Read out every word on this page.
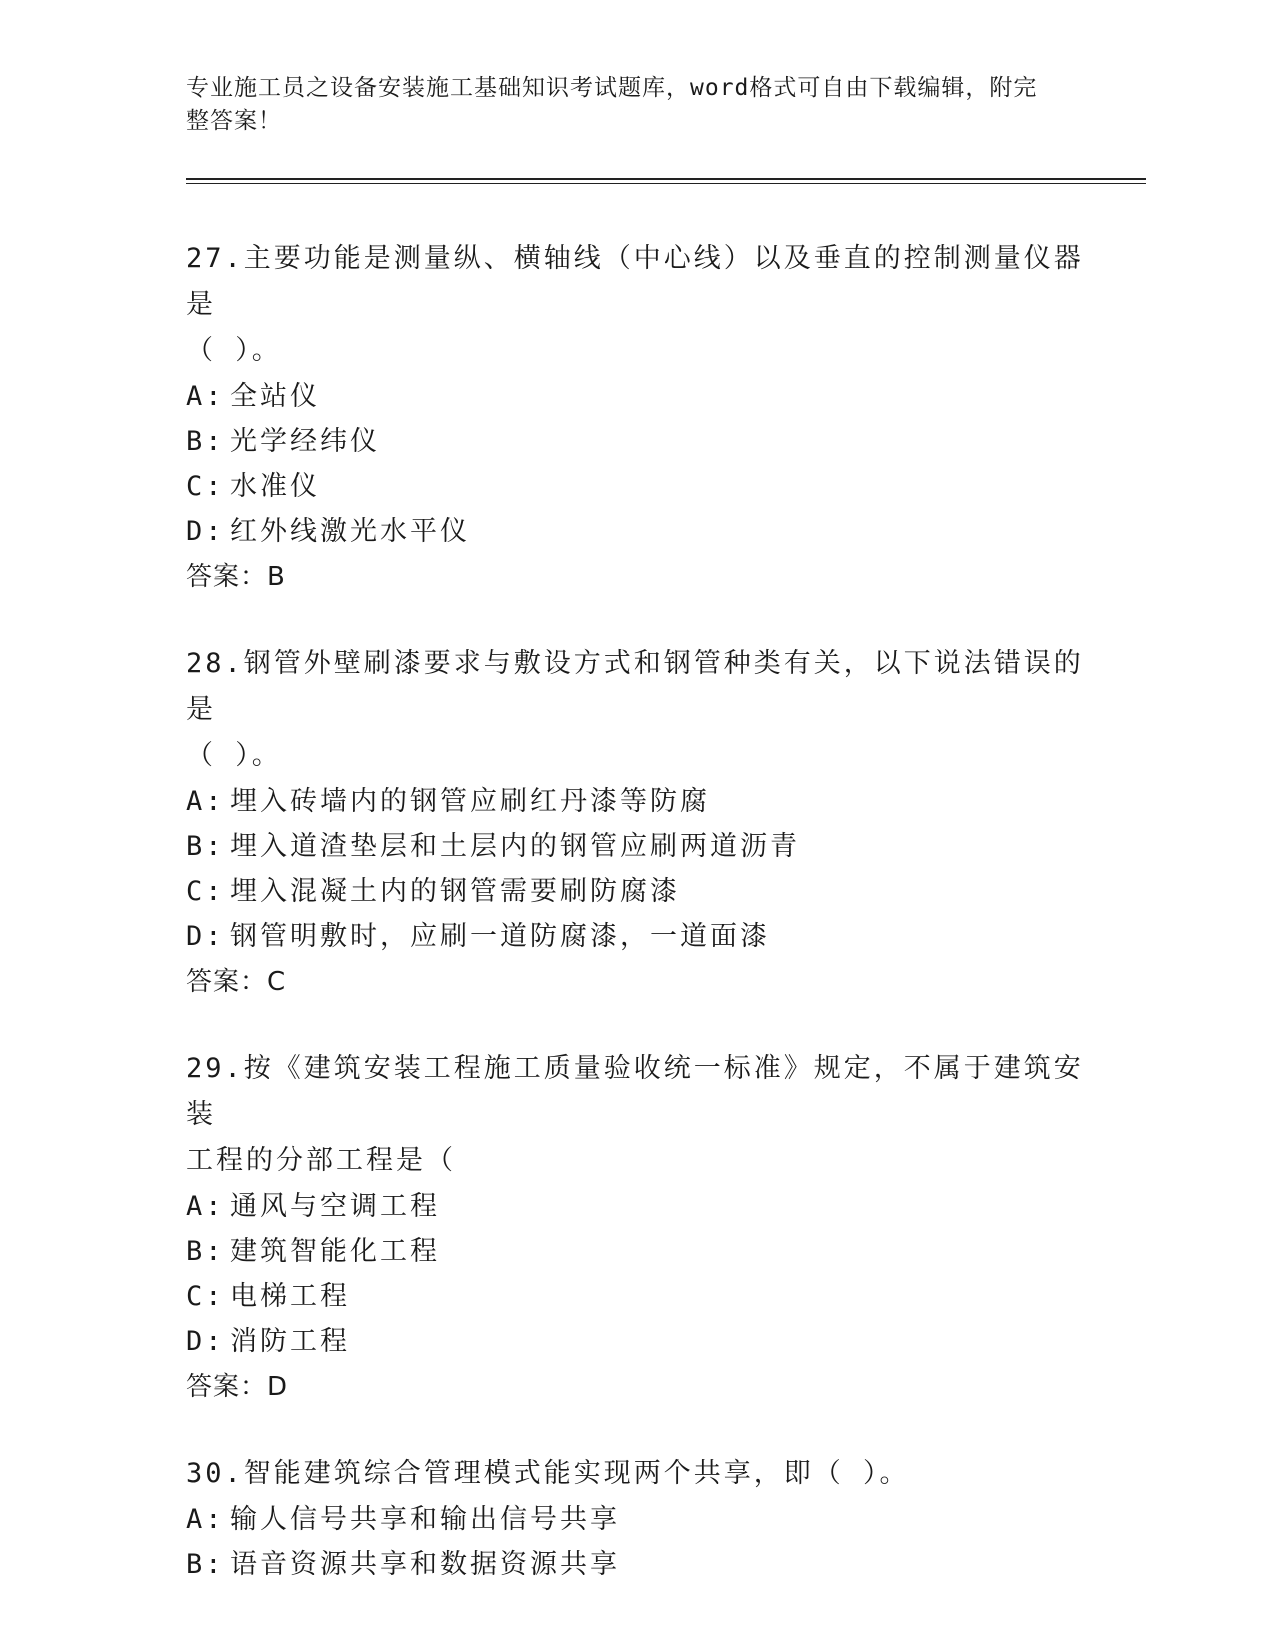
专业施工员之设备安装施工基础知识考试题库，word格式可自由下载编辑，附完
整答案！
27.主要功能是测量纵、横轴线（中心线）以及垂直的控制测量仪器是
（ ）。
A: 全站仪
B: 光学经纬仪
C: 水准仪
D: 红外线激光水平仪
答案：B
28.钢管外壁刷漆要求与敷设方式和钢管种类有关，以下说法错误的是
（ ）。
A: 埋入砖墙内的钢管应刷红丹漆等防腐
B: 埋入道渣垫层和土层内的钢管应刷两道沥青
C: 埋入混凝土内的钢管需要刷防腐漆
D: 钢管明敷时，应刷一道防腐漆，一道面漆
答案：C
29.按《建筑安装工程施工质量验收统一标准》规定，不属于建筑安装
工程的分部工程是（
A: 通风与空调工程
B: 建筑智能化工程
C: 电梯工程
D: 消防工程
答案：D
30.智能建筑综合管理模式能实现两个共享，即（ ）。
A: 输人信号共享和输出信号共享
B: 语音资源共享和数据资源共享
